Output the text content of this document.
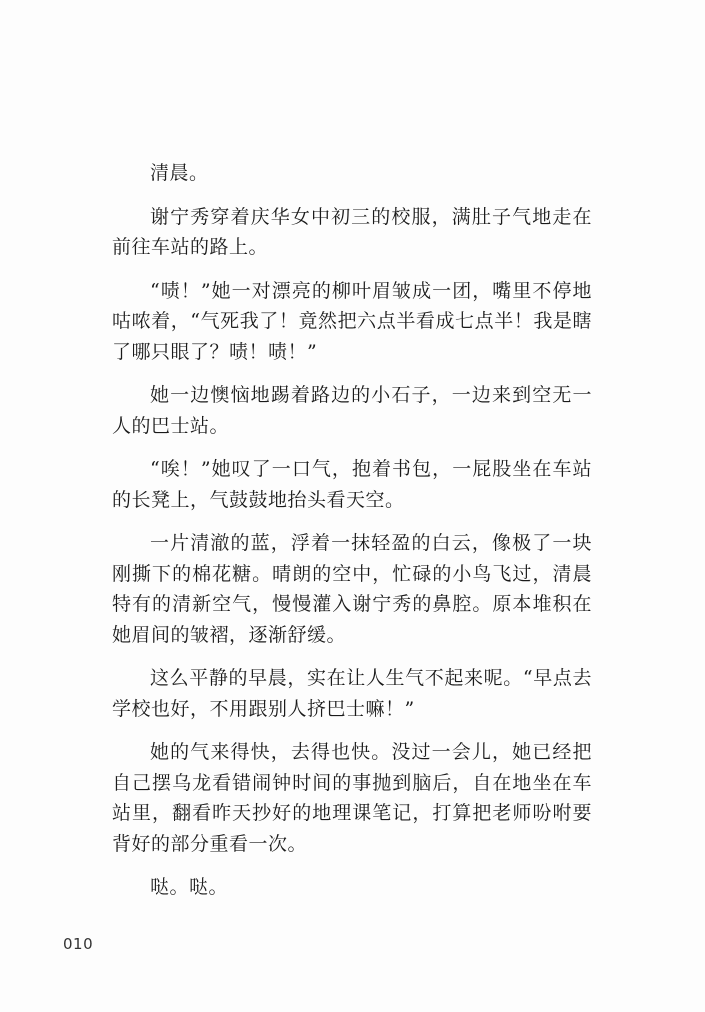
清晨。

谢宁秀穿着庆华女中初三的校服，满肚子气地走在前往车站的路上。

“啧！”她一对漂亮的柳叶眉皱成一团，嘴里不停地咕哝着，“气死我了！竟然把六点半看成七点半！我是瞎了哪只眼了？啧！啧！”

她一边懊恼地踢着路边的小石子，一边来到空无一人的巴士站。

“唉！”她叹了一口气，抱着书包，一屁股坐在车站的长凳上，气鼓鼓地抬头看天空。

一片清澈的蓝，浮着一抹轻盈的白云，像极了一块刚撕下的棉花糖。晴朗的空中，忙碌的小鸟飞过，清晨特有的清新空气，慢慢灌入谢宁秀的鼻腔。原本堆积在她眉间的皱褶，逐渐舒缓。

这么平静的早晨，实在让人生气不起来呢。“早点去学校也好，不用跟别人挤巴士嘛！”

她的气来得快，去得也快。没过一会儿，她已经把自己摆乌龙看错闹钟时间的事抛到脑后，自在地坐在车站里，翻看昨天抄好的地理课笔记，打算把老师吩咐要背好的部分重看一次。

哒。哒。

010
